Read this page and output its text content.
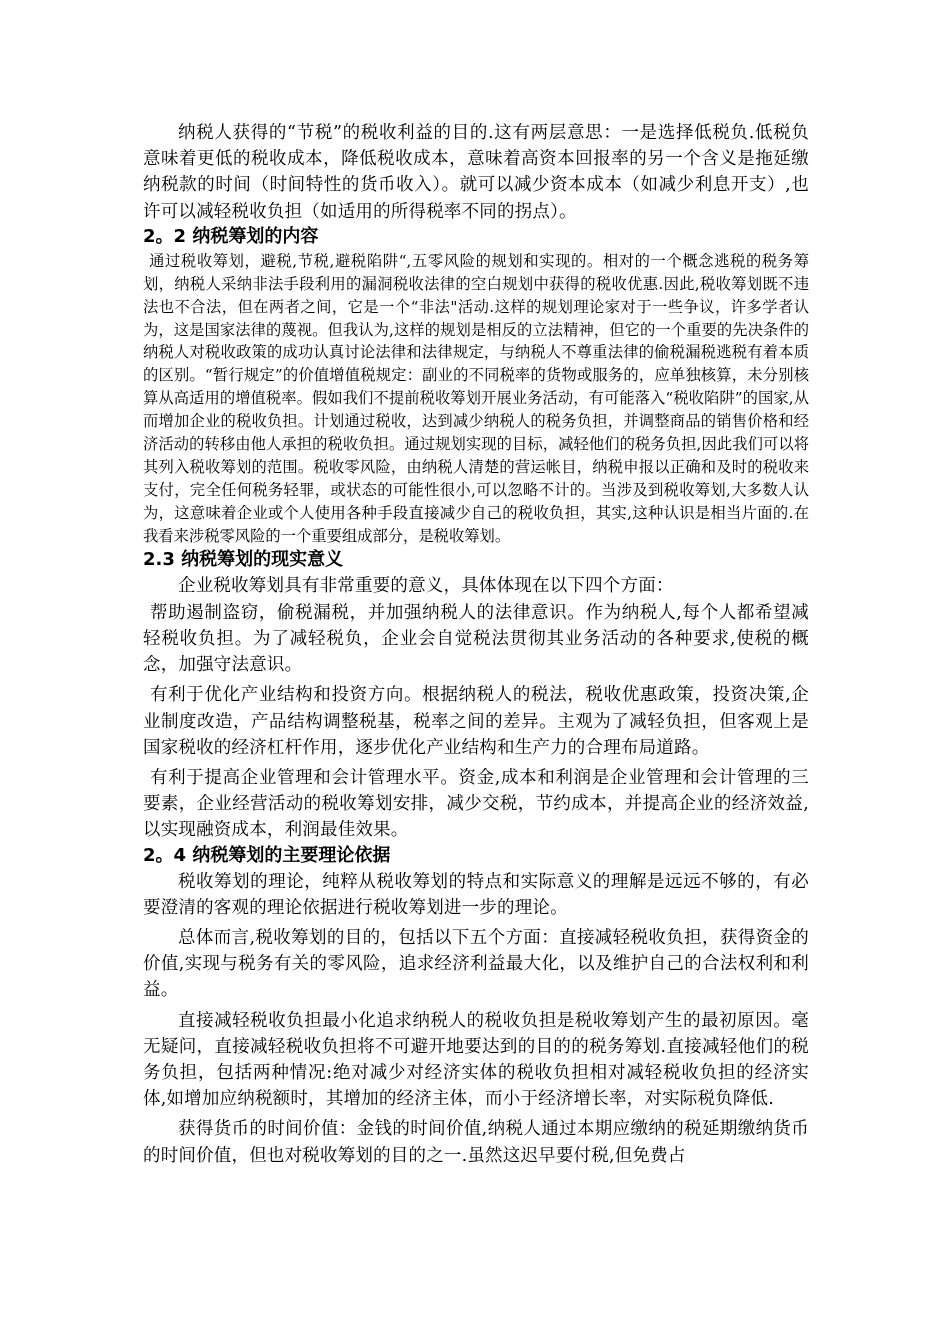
纳税人获得的“节税”的税收利益的目的.这有两层意思：一是选择低税负.低税负意味着更低的税收成本，降低税收成本，意味着高资本回报率的另一个含义是拖延缴纳税款的时间（时间特性的货币收入）。就可以减少资本成本（如减少利息开支）,也许可以减轻税收负担（如适用的所得税率不同的拐点）。

2。2 纳税筹划的内容

通过税收筹划，避税,节税,避税陷阱“,五零风险的规划和实现的。相对的一个概念逃税的税务筹划，纳税人采纳非法手段利用的漏洞税收法律的空白规划中获得的税收优惠.因此,税收筹划既不违法也不合法，但在两者之间，它是一个“非法"活动.这样的规划理论家对于一些争议，许多学者认为，这是国家法律的蔑视。但我认为,这样的规划是相反的立法精神，但它的一个重要的先决条件的纳税人对税收政策的成功认真讨论法律和法律规定，与纳税人不尊重法律的偷税漏税逃税有着本质的区别。“暂行规定”的价值增值税规定：副业的不同税率的货物或服务的，应单独核算，未分别核算从高适用的增值税率。假如我们不提前税收筹划开展业务活动，有可能落入“税收陷阱”的国家,从而增加企业的税收负担。计划通过税收，达到减少纳税人的税务负担，并调整商品的销售价格和经济活动的转移由他人承担的税收负担。通过规划实现的目标，减轻他们的税务负担,因此我们可以将其列入税收筹划的范围。税收零风险，由纳税人清楚的营运帐目，纳税申报以正确和及时的税收来支付，完全任何税务轻罪，或状态的可能性很小,可以忽略不计的。当涉及到税收筹划,大多数人认为，这意味着企业或个人使用各种手段直接减少自己的税收负担，其实,这种认识是相当片面的.在我看来涉税零风险的一个重要组成部分，是税收筹划。

2.3 纳税筹划的现实意义

企业税收筹划具有非常重要的意义，具体体现在以下四个方面：

帮助遏制盗窃，偷税漏税，并加强纳税人的法律意识。作为纳税人,每个人都希望减轻税收负担。为了减轻税负，企业会自觉税法贯彻其业务活动的各种要求,使税的概念，加强守法意识。

有利于优化产业结构和投资方向。根据纳税人的税法，税收优惠政策，投资决策,企业制度改造，产品结构调整税基，税率之间的差异。主观为了减轻负担，但客观上是国家税收的经济杠杆作用，逐步优化产业结构和生产力的合理布局道路。

有利于提高企业管理和会计管理水平。资金,成本和利润是企业管理和会计管理的三要素，企业经营活动的税收筹划安排，减少交税，节约成本，并提高企业的经济效益,以实现融资成本，利润最佳效果。

2。4 纳税筹划的主要理论依据

税收筹划的理论，纯粹从税收筹划的特点和实际意义的理解是远远不够的，有必要澄清的客观的理论依据进行税收筹划进一步的理论。

总体而言,税收筹划的目的，包括以下五个方面：直接减轻税收负担，获得资金的价值,实现与税务有关的零风险，追求经济利益最大化，以及维护自己的合法权利和利益。

直接减轻税收负担最小化追求纳税人的税收负担是税收筹划产生的最初原因。毫无疑问，直接减轻税收负担将不可避开地要达到的目的的税务筹划.直接减轻他们的税务负担，包括两种情况:绝对减少对经济实体的税收负担相对减轻税收负担的经济实体,如增加应纳税额时，其增加的经济主体，而小于经济增长率，对实际税负降低.

获得货币的时间价值：金钱的时间价值,纳税人通过本期应缴纳的税延期缴纳货币的时间价值，但也对税收筹划的目的之一.虽然这迟早要付税,但免费占
